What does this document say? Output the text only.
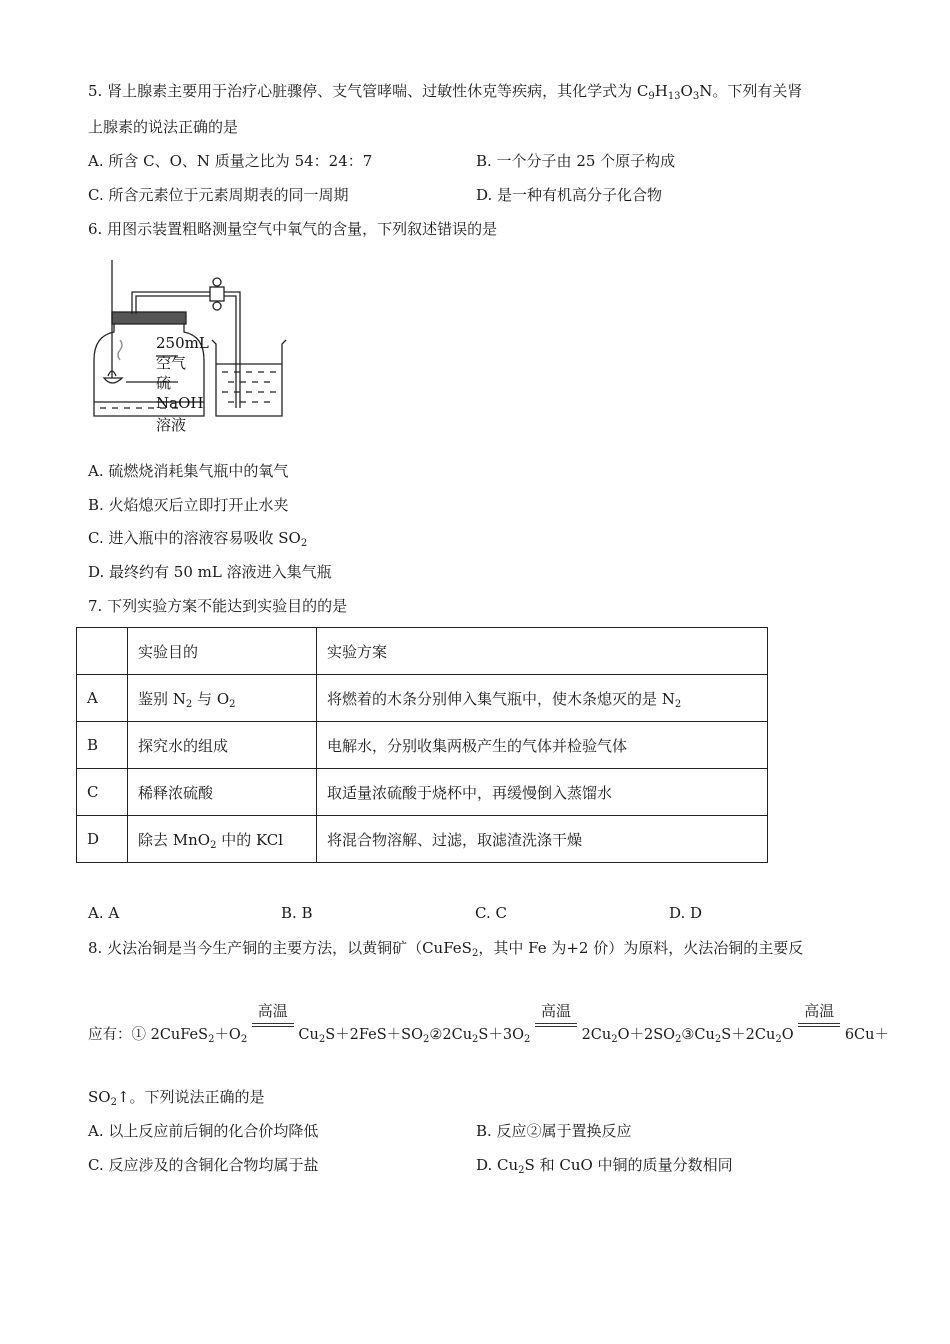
5. 肾上腺素主要用于治疗心脏骤停、支气管哮喘、过敏性休克等疾病，其化学式为 $C_9H_{13}O_3N$。下列有关肾
上腺素的说法正确的是
A. 所含 C、O、N 质量之比为 54：24：7	B. 一个分子由 25 个原子构成
C. 所含元素位于元素周期表的同一周期	D. 是一种有机高分子化合物
6. 用图示装置粗略测量空气中氧气的含量，下列叙述错误的是
250mL
空气
硫
NaOH
溶液
A. 硫燃烧消耗集气瓶中的氧气
B. 火焰熄灭后立即打开止水夹
C. 进入瓶中的溶液容易吸收 $SO_2$
D. 最终约有 50 mL 溶液进入集气瓶
7. 下列实验方案不能达到实验目的的是
	实验目的	实验方案
A	鉴别 $N_2$ 与 $O_2$	将燃着的木条分别伸入集气瓶中，使木条熄灭的是 $N_2$
B	探究水的组成	电解水，分别收集两极产生的气体并检验气体
C	稀释浓硫酸	取适量浓硫酸于烧杯中，再缓慢倒入蒸馏水
D	除去 MnO$_2$ 中的 KCl	将混合物溶解、过滤，取滤渣洗涤干燥
A. A	B. B	C. C	D. D
8. 火法冶铜是当今生产铜的主要方法，以黄铜矿（CuFeS$_2$，其中 Fe 为+2 价）为原料，火法冶铜的主要反
应有：① $2CuFeS_2+O_2$
高温
$Cu_2S+2FeS+SO_2②2Cu_2S+3O_2$
高温
$2Cu_2O+2SO_2③Cu_2S+2Cu_2O$
高温
6Cu＋
$SO_2↑$。下列说法正确的是
A. 以上反应前后铜的化合价均降低	B. 反应②属于置换反应
C. 反应涉及的含铜化合物均属于盐	D. $Cu_2S$ 和 CuO 中铜的质量分数相同
